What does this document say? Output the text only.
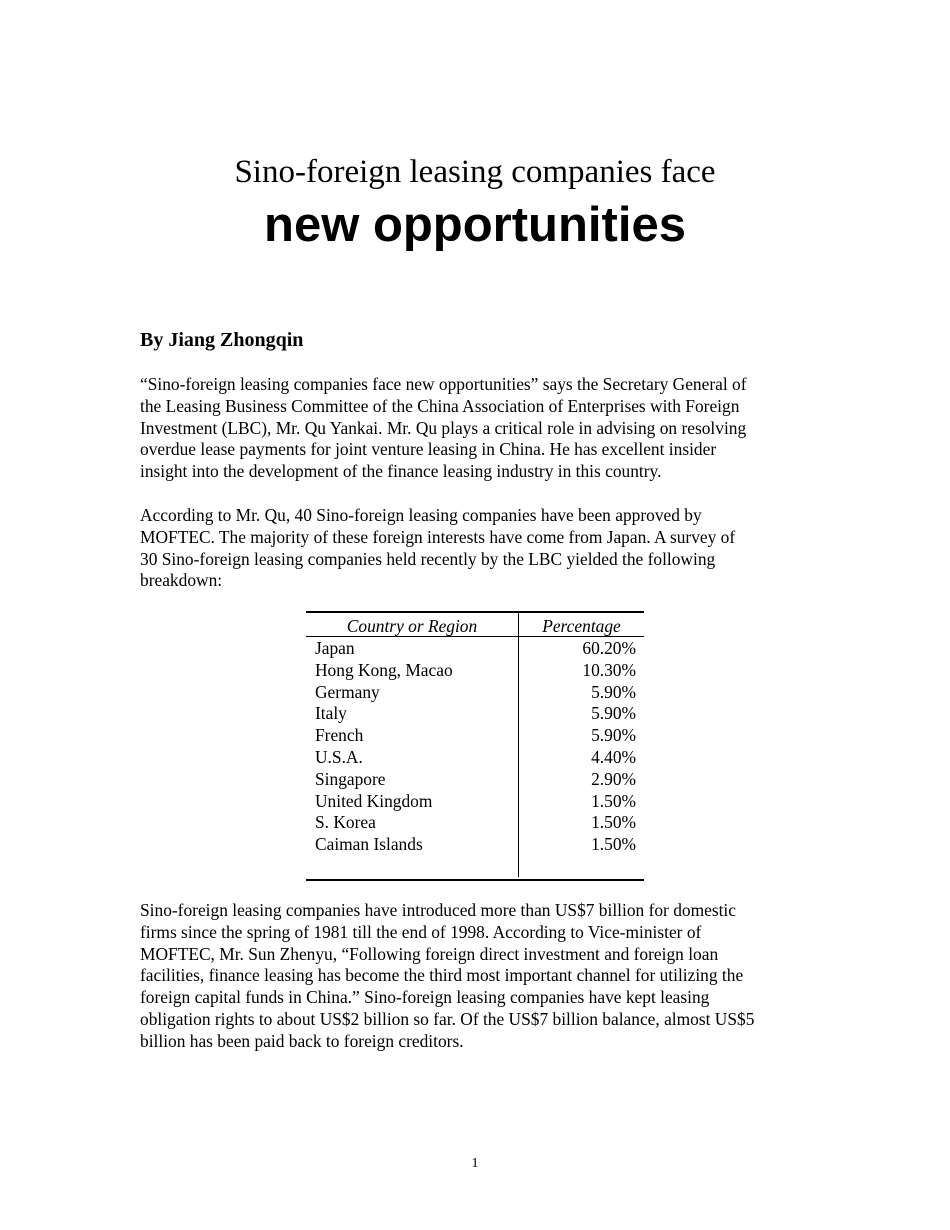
Sino-foreign leasing companies face
new opportunities
By Jiang Zhongqin
“Sino-foreign leasing companies face new opportunities” says the Secretary General of
the Leasing Business Committee of the China Association of Enterprises with Foreign
Investment (LBC), Mr. Qu Yankai. Mr. Qu plays a critical role in advising on resolving
overdue lease payments for joint venture leasing in China. He has excellent insider
insight into the development of the finance leasing industry in this country.
According to Mr. Qu, 40 Sino-foreign leasing companies have been approved by
MOFTEC. The majority of these foreign interests have come from Japan. A survey of
30 Sino-foreign leasing companies held recently by the LBC yielded the following
breakdown:
Country or Region	Percentage
Japan	60.20%
Hong Kong, Macao	10.30%
Germany	5.90%
Italy	5.90%
French	5.90%
U.S.A.	4.40%
Singapore	2.90%
United Kingdom	1.50%
S. Korea	1.50%
Caiman Islands	1.50%
Sino-foreign leasing companies have introduced more than US$7 billion for domestic
firms since the spring of 1981 till the end of 1998. According to Vice-minister of
MOFTEC, Mr. Sun Zhenyu, “Following foreign direct investment and foreign loan
facilities, finance leasing has become the third most important channel for utilizing the
foreign capital funds in China.” Sino-foreign leasing companies have kept leasing
obligation rights to about US$2 billion so far. Of the US$7 billion balance, almost US$5
billion has been paid back to foreign creditors.
1
